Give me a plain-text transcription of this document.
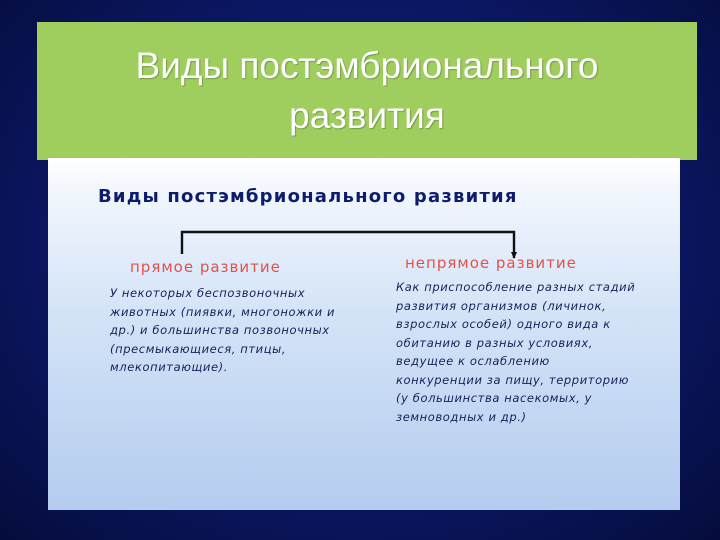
Виды постэмбрионального развития
Виды постэмбрионального развития
прямое развитие	непрямое развитие
У некоторых беспозвоночных животных (пиявки, многоножки и др.) и большинства позвоночных (пресмыкающиеся, птицы, млекопитающие).
Как приспособление разных стадий развития организмов (личинок, взрослых особей) одного вида к обитанию в разных условиях, ведущее к ослаблению конкуренции за пищу, территорию (у большинства насекомых, у земноводных и др.)
